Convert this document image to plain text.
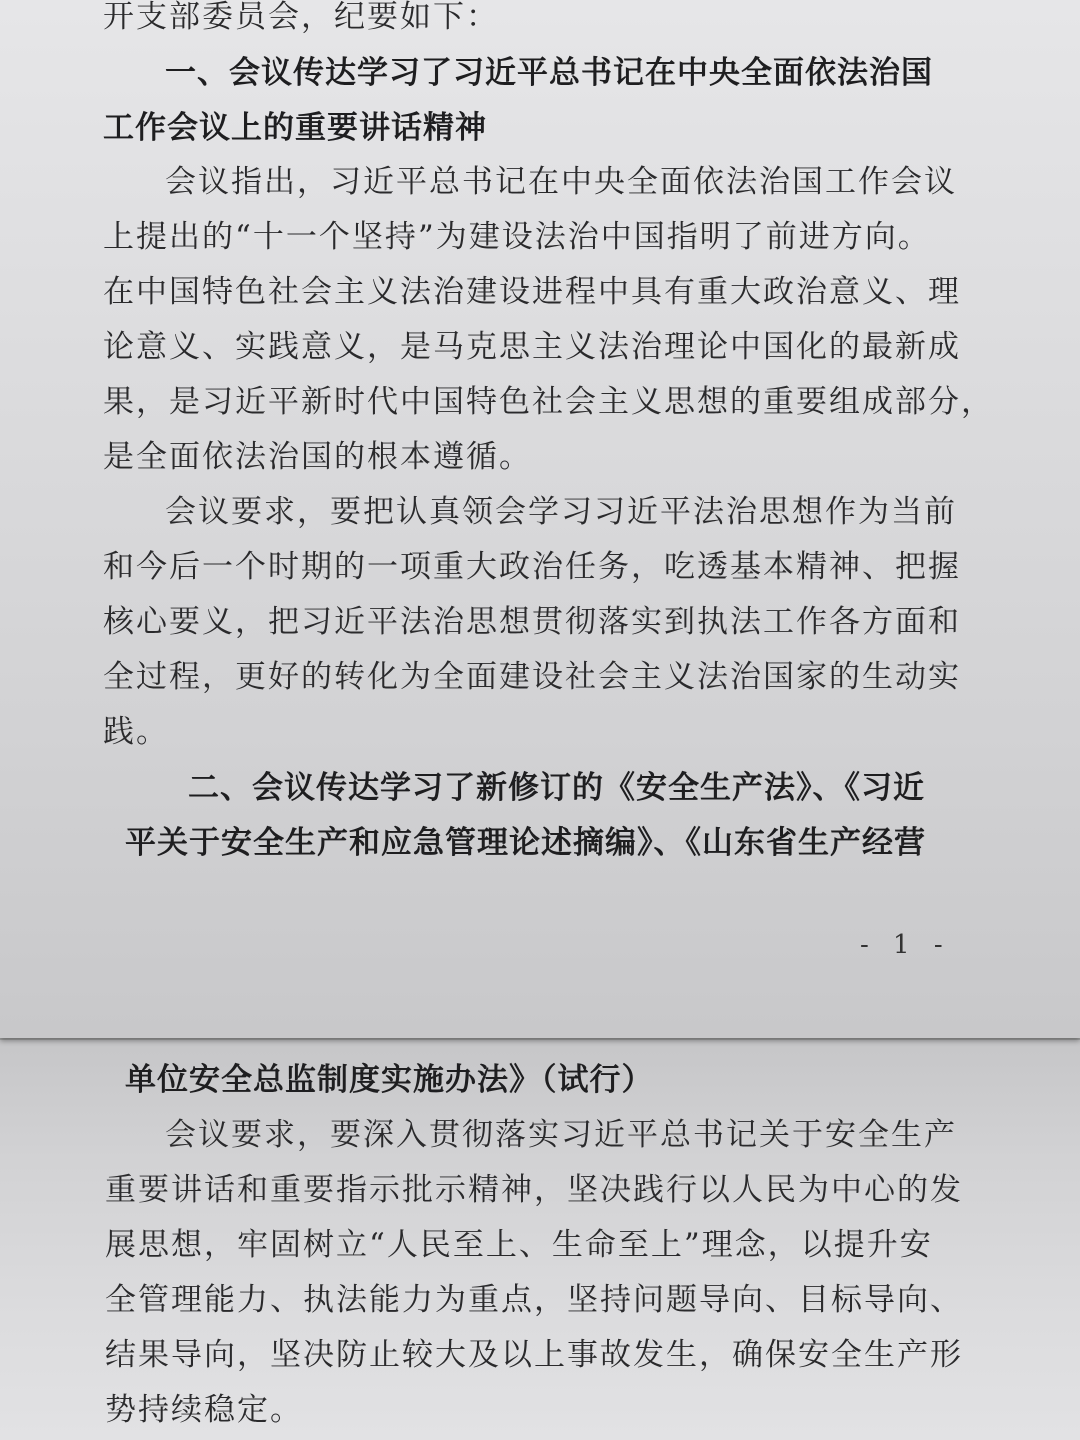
开支部委员会，纪要如下：
一、会议传达学习了习近平总书记在中央全面依法治国
工作会议上的重要讲话精神
会议指出，习近平总书记在中央全面依法治国工作会议
上提出的“十一个坚持”为建设法治中国指明了前进方向。
在中国特色社会主义法治建设进程中具有重大政治意义、理
论意义、实践意义，是马克思主义法治理论中国化的最新成
果，是习近平新时代中国特色社会主义思想的重要组成部分，
是全面依法治国的根本遵循。
会议要求，要把认真领会学习习近平法治思想作为当前
和今后一个时期的一项重大政治任务，吃透基本精神、把握
核心要义，把习近平法治思想贯彻落实到执法工作各方面和
全过程，更好的转化为全面建设社会主义法治国家的生动实
践。
二、会议传达学习了新修订的《安全生产法》、《习近
平关于安全生产和应急管理论述摘编》、《山东省生产经营
- 1 -
单位安全总监制度实施办法》（试行）
会议要求，要深入贯彻落实习近平总书记关于安全生产
重要讲话和重要指示批示精神，坚决践行以人民为中心的发
展思想，牢固树立“人民至上、生命至上”理念，以提升安
全管理能力、执法能力为重点，坚持问题导向、目标导向、
结果导向，坚决防止较大及以上事故发生，确保安全生产形
势持续稳定。
